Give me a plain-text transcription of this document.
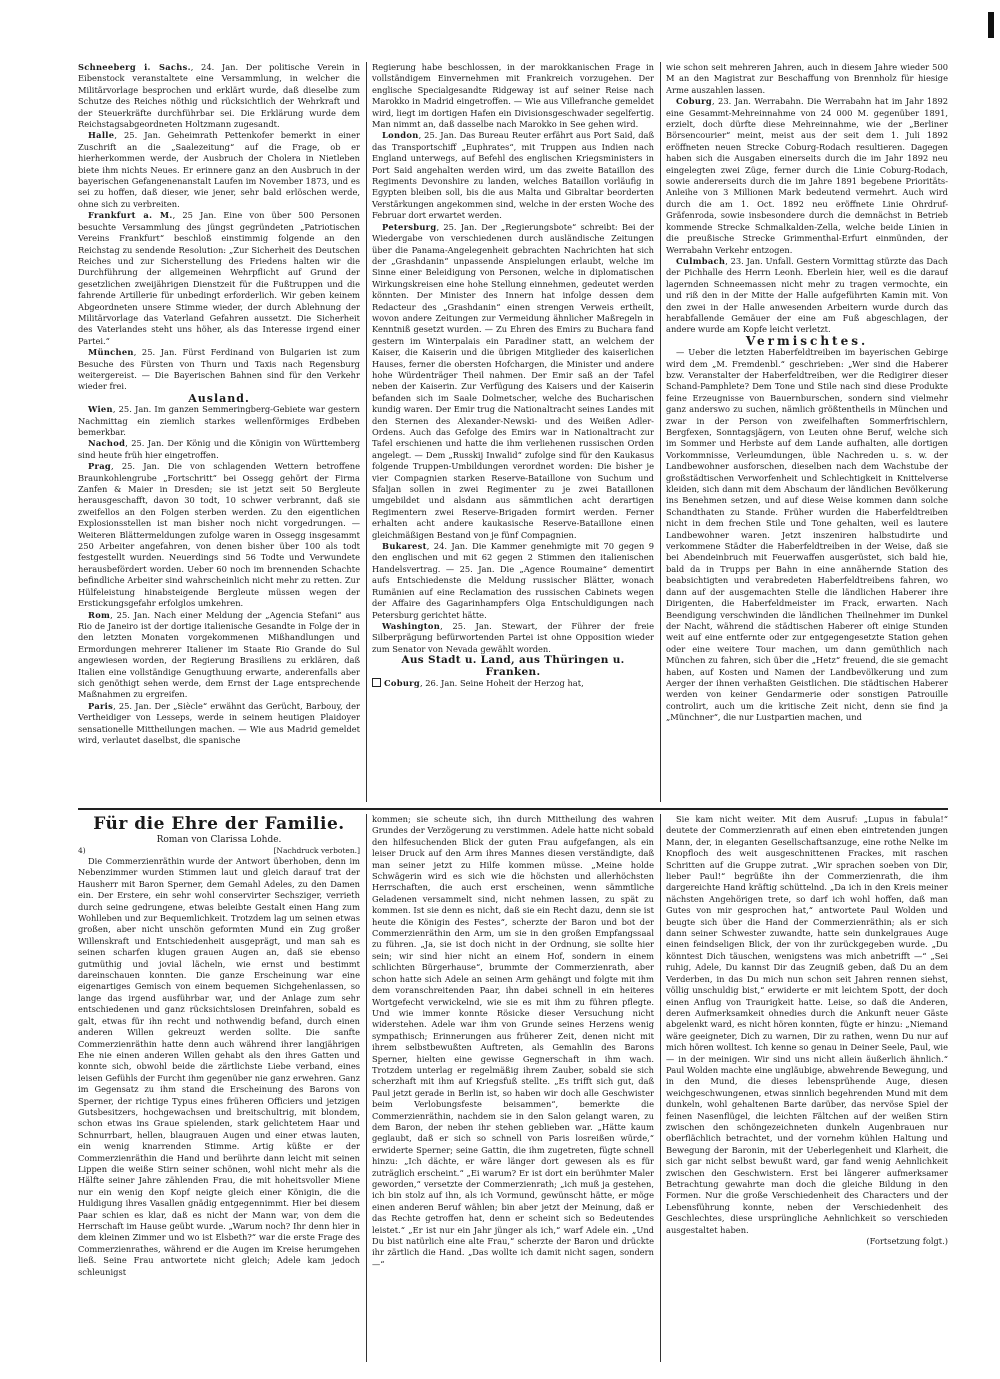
Schneeberg i. Sachs., 24. Jan. Der politische Verein in Eibenstock veranstaltete eine Versammlung, in welcher die Militärvorlage besprochen und erklärt wurde, daß dieselbe zum Schutze des Reiches nöthig und rücksichtlich der Wehrkraft und der Steuerkräfte durchführbar sei. Die Erklärung wurde dem Reichstagsabgeordneten Holtzmann zugesandt.

Halle, 25. Jan. Geheimrath Pettenkofer bemerkt in einer Zuschrift an die „Saalezeitung“ auf die Frage, ob er hierherkommen werde, der Ausbruch der Cholera in Nietleben biete ihm nichts Neues. Er erinnere ganz an den Ausbruch in der bayerischen Gefangenenanstalt Laufen im November 1873, und es sei zu hoffen, daß dieser, wie jener, sehr bald erlöschen werde, ohne sich zu verbreiten.

Frankfurt a. M., 25 Jan. Eine von über 500 Personen besuchte Versammlung des jüngst gegründeten „Patriotischen Vereins Frankfurt“ beschloß einstimmig folgende an den Reichstag zu sendende Resolution: „Zur Sicherheit des Deutschen Reiches und zur Sicherstellung des Friedens halten wir die Durchführung der allgemeinen Wehrpflicht auf Grund der gesetzlichen zweijährigen Dienstzeit für die Fußtruppen und die fahrende Artillerie für unbedingt erforderlich. Wir geben keinem Abgeordneten unsere Stimme wieder, der durch Ablehnung der Militärvorlage das Vaterland Gefahren aussetzt. Die Sicherheit des Vaterlandes steht uns höher, als das Interesse irgend einer Partei.“

München, 25. Jan. Fürst Ferdinand von Bulgarien ist zum Besuche des Fürsten von Thurn und Taxis nach Regensburg weitergereist. — Die Bayerischen Bahnen sind für den Verkehr wieder frei.

Ausland.

Wien, 25. Jan. Im ganzen Semmeringberg-Gebiete war gestern Nachmittag ein ziemlich starkes wellenförmiges Erdbeben bemerkbar.

Nachod, 25. Jan. Der König und die Königin von Württemberg sind heute früh hier eingetroffen.

Prag, 25. Jan. Die von schlagenden Wettern betroffene Braunkohlengrube „Fortschritt“ bei Ossegg gehört der Firma Zanfen & Maier in Dresden; sie ist jetzt seit 50 Bergleute herausgeschafft, davon 30 todt, 10 schwer verbrannt, daß sie zweifellos an den Folgen sterben werden. Zu den eigentlichen Explosionsstellen ist man bisher noch nicht vorgedrungen. — Weiteren Blättermeldungen zufolge waren in Ossegg insgesammt 250 Arbeiter angefahren, von denen bisher über 100 als todt festgestellt wurden. Neuerdings sind 56 Todte und Verwundete herausbefördert worden. Ueber 60 noch im brennenden Schachte befindliche Arbeiter sind wahrscheinlich nicht mehr zu retten. Zur Hülfeleistung hinabsteigende Bergleute müssen wegen der Erstickungsgefahr erfolglos umkehren.

Rom, 25. Jan. Nach einer Meldung der „Agencia Stefani“ aus Rio de Janeiro ist der dortige italienische Gesandte in Folge der in den letzten Monaten vorgekommenen Mißhandlungen und Ermordungen mehrerer Italiener im Staate Rio Grande do Sul angewiesen worden, der Regierung Brasiliens zu erklären, daß Italien eine vollständige Genugthuung erwarte, anderenfalls aber sich genöthigt sehen werde, dem Ernst der Lage entsprechende Maßnahmen zu ergreifen.

Paris, 25. Jan. Der „Siècle“ erwähnt das Gerücht, Barbouy, der Vertheidiger von Lesseps, werde in seinem heutigen Plaidoyer sensationelle Mittheilungen machen. — Wie aus Madrid gemeldet wird, verlautet daselbst, die spanische

Regierung habe beschlossen, in der marokkanischen Frage in vollständigem Einvernehmen mit Frankreich vorzugehen. Der englische Specialgesandte Ridgeway ist auf seiner Reise nach Marokko in Madrid eingetroffen. — Wie aus Villefranche gemeldet wird, liegt im dortigen Hafen ein Divisionsgeschwader segelfertig. Man nimmt an, daß dasselbe nach Marokko in See gehen wird.

London, 25. Jan. Das Bureau Reuter erfährt aus Port Said, daß das Transportschiff „Euphrates“, mit Truppen aus Indien nach England unterwegs, auf Befehl des englischen Kriegsministers in Port Said angehalten werden wird, um das zweite Bataillon des Regiments Devonshire zu landen, welches Bataillon vorläufig in Egypten bleiben soll, bis die aus Malta und Gibraltar beorderten Verstärkungen angekommen sind, welche in der ersten Woche des Februar dort erwartet werden.

Petersburg, 25. Jan. Der „Regierungsbote“ schreibt: Bei der Wiedergabe von verschiedenen durch ausländische Zeitungen über die Panama-Angelegenheit gebrachten Nachrichten hat sich der „Grashdanin“ unpassende Anspielungen erlaubt, welche im Sinne einer Beleidigung von Personen, welche in diplomatischen Wirkungskreisen eine hohe Stellung einnehmen, gedeutet werden könnten. Der Minister des Innern hat infolge dessen dem Redacteur des „Grashdanin“ einen strengen Verweis ertheilt, wovon andere Zeitungen zur Vermeidung ähnlicher Maßregeln in Kenntniß gesetzt wurden. — Zu Ehren des Emirs zu Buchara fand gestern im Winterpalais ein Paradiner statt, an welchem der Kaiser, die Kaiserin und die übrigen Mitglieder des kaiserlichen Hauses, ferner die obersten Hofchargen, die Minister und andere hohe Würdenträger Theil nahmen. Der Emir saß an der Tafel neben der Kaiserin. Zur Verfügung des Kaisers und der Kaiserin befanden sich im Saale Dolmetscher, welche des Bucharischen kundig waren. Der Emir trug die Nationaltracht seines Landes mit den Sternen des Alexander-Newski- und des Weißen Adler-Ordens. Auch das Gefolge des Emirs war in Nationaltracht zur Tafel erschienen und hatte die ihm verliehenen russischen Orden angelegt. — Dem „Russkij Inwalid“ zufolge sind für den Kaukasus folgende Truppen-Umbildungen verordnet worden: Die bisher je vier Compagnien starken Reserve-Bataillone von Suchum und Sfaljan sollen in zwei Regimenter zu je zwei Bataillonen umgebildet und alsdann aus sämmtlichen acht derartigen Regimentern zwei Reserve-Brigaden formirt werden. Ferner erhalten acht andere kaukasische Reserve-Bataillone einen gleichmäßigen Bestand von je fünf Compagnien.

Bukarest, 24. Jan. Die Kammer genehmigte mit 70 gegen 9 den englischen und mit 62 gegen 2 Stimmen den italienischen Handelsvertrag. — 25. Jan. Die „Agence Roumaine“ dementirt aufs Entschiedenste die Meldung russischer Blätter, wonach Rumänien auf eine Reclamation des russischen Cabinets wegen der Affaire des Gagarinhampfers Olga Entschuldigungen nach Petersburg gerichtet hätte.

Washington, 25. Jan. Stewart, der Führer der freie Silberprägung befürwortenden Partei ist ohne Opposition wieder zum Senator von Nevada gewählt worden.

Aus Stadt u. Land, aus Thüringen u. Franken.

Coburg, 26. Jan. Seine Hoheit der Herzog hat,

wie schon seit mehreren Jahren, auch in diesem Jahre wieder 500 M an den Magistrat zur Beschaffung von Brennholz für hiesige Arme auszahlen lassen.

Coburg, 23. Jan. Werrabahn. Die Werrabahn hat im Jahr 1892 eine Gesammt-Mehreinnahme von 24 000 M. gegenüber 1891, erzielt, doch dürfte diese Mehreinnahme, wie der „Berliner Börsencourier“ meint, meist aus der seit dem 1. Juli 1892 eröffneten neuen Strecke Coburg-Rodach resultieren. Dagegen haben sich die Ausgaben einerseits durch die im Jahr 1892 neu eingelegten zwei Züge, ferner durch die Linie Coburg-Rodach, sowie andererseits durch die im Jahre 1891 begebene Prioritäts-Anleihe von 3 Millionen Mark bedeutend vermehrt. Auch wird durch die am 1. Oct. 1892 neu eröffnete Linie Ohrdruf-Gräfenroda, sowie insbesondere durch die demnächst in Betrieb kommende Strecke Schmalkalden-Zella, welche beide Linien in die preußische Strecke Grimmenthal-Erfurt einmünden, der Werrabahn Verkehr entzogen.

Culmbach, 23. Jan. Unfall. Gestern Vormittag stürzte das Dach der Pichhalle des Herrn Leonh. Eberlein hier, weil es die darauf lagernden Schneemassen nicht mehr zu tragen vermochte, ein und riß den in der Mitte der Halle aufgeführten Kamin mit. Von den zwei in der Halle anwesenden Arbeitern wurde durch das herabfallende Gemäuer der eine am Fuß abgeschlagen, der andere wurde am Kopfe leicht verletzt.

Vermischtes.

— Ueber die letzten Haberfeldtreiben im bayerischen Gebirge wird dem „M. Fremdenbl.“ geschrieben: „Wer sind die Haberer bzw. Veranstalter der Haberfeldtreiben, wer die Redigirer dieser Schand-Pamphlete? Dem Tone und Stile nach sind diese Produkte feine Erzeugnisse von Bauernburschen, sondern sind vielmehr ganz anderswo zu suchen, nämlich größtentheils in München und zwar in der Person von zweifelhaften Sommerfrischlern, Bergfexen, Sonntagsjägern, von Leuten ohne Beruf, welche sich im Sommer und Herbste auf dem Lande aufhalten, alle dortigen Vorkommnisse, Verleumdungen, üble Nachreden u. s. w. der Landbewohner ausforschen, dieselben nach dem Wachstube der großstädtischen Verworfenheit und Schlechtigkeit in Knittelverse kleiden, sich dann mit dem Abschaum der ländlichen Bevölkerung ins Benehmen setzen, und auf diese Weise kommen dann solche Schandthaten zu Stande. Früher wurden die Haberfeldtreiben nicht in dem frechen Stile und Tone gehalten, weil es lautere Landbewohner waren. Jetzt inszeniren halbstudirte und verkommene Städter die Haberfeldtreiben in der Weise, daß sie bei Abendeinbruch mit Feuerwaffen ausgerüstet, sich bald hie, bald da in Trupps per Bahn in eine annähernde Station des beabsichtigten und verabredeten Haberfeldtreibens fahren, wo dann auf der ausgemachten Stelle die ländlichen Haberer ihre Dirigenten, die Haberfeldmeister im Frack, erwarten. Nach Beendigung verschwinden die ländlichen Theilnehmer im Dunkel der Nacht, während die städtischen Haberer oft einige Stunden weit auf eine entfernte oder zur entgegengesetzte Station gehen oder eine weitere Tour machen, um dann gemüthlich nach München zu fahren, sich über die „Hetz“ freuend, die sie gemacht haben, auf Kosten und Namen der Landbevölkerung und zum Aerger der ihnen verhaßten Geistlichen. Die städtischen Haberer werden von keiner Gendarmerie oder sonstigen Patrouille controlirt, auch um die kritische Zeit nicht, denn sie find ja „Münchner“, die nur Lustpartien machen, und

Für die Ehre der Familie.

Roman von Clarissa Lohde.

4)	[Nachdruck verboten.]

Die Commerzienräthin wurde der Antwort überhoben, denn im Nebenzimmer wurden Stimmen laut und gleich darauf trat der Hausherr mit Baron Sperner, dem Gemahl Adeles, zu den Damen ein. Der Erstere, ein sehr wohl conservirter Sechsziger, verrieth durch seine gedrungene, etwas beleibte Gestalt einen Hang zum Wohlleben und zur Bequemlichkeit. Trotzdem lag um seinen etwas großen, aber nicht unschön geformten Mund ein Zug großer Willenskraft und Entschiedenheit ausgeprägt, und man sah es seinen scharfen klugen grauen Augen an, daß sie ebenso gutmüthig und jovial lächeln, wie ernst und bestimmt dareinschauen konnten. Die ganze Erscheinung war eine eigenartiges Gemisch von einem bequemen Sichgehenlassen, so lange das irgend ausführbar war, und der Anlage zum sehr entschiedenen und ganz rücksichtslosen Dreinfahren, sobald es galt, etwas für ihn recht und nothwendig befand, durch einen anderen Willen gekreuzt werden sollte. Die sanfte Commerzienräthin hatte denn auch während ihrer langjährigen Ehe nie einen anderen Willen gehabt als den ihres Gatten und konnte sich, obwohl beide die zärtlichste Liebe verband, eines leisen Gefühls der Furcht ihm gegenüber nie ganz erwehren. Ganz im Gegensatz zu ihm stand die Erscheinung des Barons von Sperner, der richtige Typus eines früheren Officiers und jetzigen Gutsbesitzers, hochgewachsen und breitschultrig, mit blondem, schon etwas ins Graue spielenden, stark gelichtetem Haar und Schnurrbart, hellen, blaugrauen Augen und einer etwas lauten, ein wenig knarrenden Stimme. Artig küßte er der Commerzienräthin die Hand und berührte dann leicht mit seinen Lippen die weiße Stirn seiner schönen, wohl nicht mehr als die Hälfte seiner Jahre zählenden Frau, die mit hoheitsvoller Miene nur ein wenig den Kopf neigte gleich einer Königin, die die Huldigung ihres Vasallen gnädig entgegennimmt. Hier bei diesem Paar schien es klar, daß es nicht der Mann war, von dem die Herrschaft im Hause geübt wurde. „Warum noch? Ihr denn hier in dem kleinen Zimmer und wo ist Elsbeth?“ war die erste Frage des Commerzienrathes, während er die Augen im Kreise herumgehen ließ. Seine Frau antwortete nicht gleich; Adele kam jedoch schleunigst

kommen; sie scheute sich, ihn durch Mittheilung des wahren Grundes der Verzögerung zu verstimmen. Adele hatte nicht sobald den hilfesuchenden Blick der guten Frau aufgefangen, als ein leiser Druck auf den Arm ihres Mannes diesen verständigte, daß man seiner jetzt zu Hilfe kommen müsse. „Meine holde Schwägerin wird es sich wie die höchsten und allerhöchsten Herrschaften, die auch erst erscheinen, wenn sämmtliche Geladenen versammelt sind, nicht nehmen lassen, zu spät zu kommen. Ist sie denn es nicht, daß sie ein Recht dazu, denn sie ist heute die Königin des Festes“, scherzte der Baron und bot der Commerzienräthin den Arm, um sie in den großen Empfangssaal zu führen. „Ja, sie ist doch nicht in der Ordnung, sie sollte hier sein; wir sind hier nicht an einem Hof, sondern in einem schlichten Bürgerhause“, brummte der Commerzienrath, aber schon hatte sich Adele an seinen Arm gehängt und folgte mit ihm dem voranschreitenden Paar, ihn dabei schnell in ein heiteres Wortgefecht verwickelnd, wie sie es mit ihm zu führen pflegte. Und wie immer konnte Rösicke dieser Versuchung nicht widerstehen. Adele war ihm von Grunde seines Herzens wenig sympathisch; Erinnerungen aus früherer Zeit, denen nicht mit ihrem selbstbewußten Auftreten, als Gemahlin des Barons Sperner, hielten eine gewisse Gegnerschaft in ihm wach. Trotzdem unterlag er regelmäßig ihrem Zauber, sobald sie sich scherzhaft mit ihm auf Kriegsfuß stellte. „Es trifft sich gut, daß Paul jetzt gerade in Berlin ist, so haben wir doch alle Geschwister beim Verlobungsfeste beisammen“, bemerkte die Commerzienräthin, nachdem sie in den Salon gelangt waren, zu dem Baron, der neben ihr stehen geblieben war. „Hätte kaum geglaubt, daß er sich so schnell von Paris losreißen würde,“ erwiderte Sperner; seine Gattin, die ihm zugetreten, fügte schnell hinzu: „Ich dächte, er wäre länger dort gewesen als es für zuträglich erscheint.“ „Ei warum? Er ist dort ein berühmter Maler geworden,“ versetzte der Commerzienrath; „ich muß ja gestehen, ich bin stolz auf ihn, als ich Vormund, gewünscht hätte, er möge einen anderen Beruf wählen; bin aber jetzt der Meinung, daß er das Rechte getroffen hat, denn er scheint sich so Bedeutendes leistet.“ „Er ist nur ein Jahr jünger als ich,“ warf Adele ein. „Und Du bist natürlich eine alte Frau,“ scherzte der Baron und drückte ihr zärtlich die Hand. „Das wollte ich damit nicht sagen, sondern —“

Sie kam nicht weiter. Mit dem Ausruf: „Lupus in fabula!“ deutete der Commerzienrath auf einen eben eintretenden jungen Mann, der, in eleganten Gesellschaftsanzuge, eine rothe Nelke im Knopfloch des weit ausgeschnittenen Frackes, mit raschen Schritten auf die Gruppe zutrat. „Wir sprachen soeben von Dir, lieber Paul!“ begrüßte ihn der Commerzienrath, die ihm dargereichte Hand kräftig schüttelnd. „Da ich in den Kreis meiner nächsten Angehörigen trete, so darf ich wohl hoffen, daß man Gutes von mir gesprochen hat,“ antwortete Paul Wolden und beugte sich über die Hand der Commerzienräthin; als er sich dann seiner Schwester zuwandte, hatte sein dunkelgraues Auge einen feindseligen Blick, der von ihr zurückgegeben wurde. „Du könntest Dich täuschen, wenigstens was mich anbetrifft —“ „Sei ruhig, Adele, Du kannst Dir das Zeugniß geben, daß Du an dem Verderben, in das Du mich nun schon seit Jahren rennen siehst, völlig unschuldig bist,“ erwiderte er mit leichtem Spott, der doch einen Anflug von Traurigkeit hatte. Leise, so daß die Anderen, deren Aufmerksamkeit ohnedies durch die Ankunft neuer Gäste abgelenkt ward, es nicht hören konnten, fügte er hinzu: „Niemand wäre geeigneter, Dich zu warnen, Dir zu rathen, wenn Du nur auf mich hören wolltest. Ich kenne so genau in Deiner Seele, Paul, wie — in der meinigen. Wir sind uns nicht allein äußerlich ähnlich.“ Paul Wolden machte eine ungläubige, abwehrende Bewegung, und in den Mund, die dieses lebensprühende Auge, diesen weichgeschwungenen, etwas sinnlich begehrenden Mund mit dem dunkeln, wohl gehaltenen Barte darüber, das nervöse Spiel der feinen Nasenflügel, die leichten Fältchen auf der weißen Stirn zwischen den schöngezeichneten dunkeln Augenbrauen nur oberflächlich betrachtet, und der vornehm kühlen Haltung und Bewegung der Baronin, mit der Ueberlegenheit und Klarheit, die sich gar nicht selbst bewußt ward, gar fand wenig Aehnlichkeit zwischen den Geschwistern. Erst bei längerer aufmerksamer Betrachtung gewahrte man doch die gleiche Bildung in den Formen. Nur die große Verschiedenheit des Characters und der Lebensführung konnte, neben der Verschiedenheit des Geschlechtes, diese ursprüngliche Aehnlichkeit so verschieden ausgestaltet haben.

(Fortsetzung folgt.)
